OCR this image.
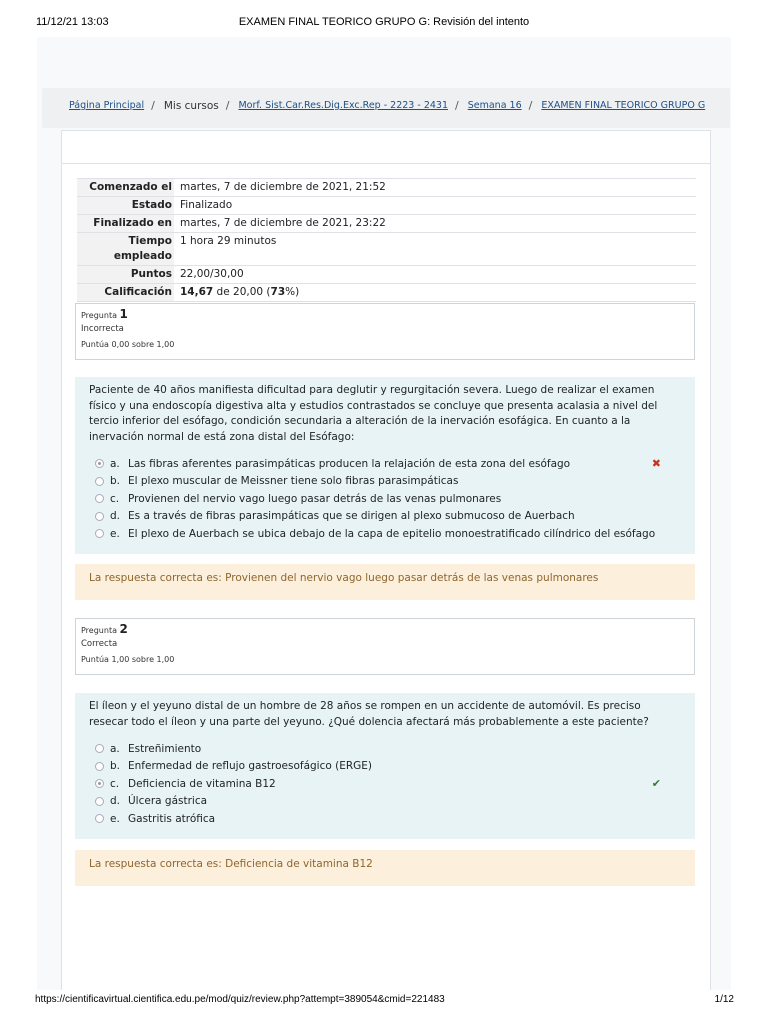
11/12/21 13:03	EXAMEN FINAL TEORICO GRUPO G: Revisión del intento
Página Principal / Mis cursos / Morf. Sist.Car.Res.Dig.Exc.Rep - 2223 - 2431 / Semana 16 / EXAMEN FINAL TEORICO GRUPO G
Comenzado el	martes, 7 de diciembre de 2021, 21:52
Estado	Finalizado
Finalizado en	martes, 7 de diciembre de 2021, 23:22
Tiempo
empleado	1 hora 29 minutos
Puntos	22,00/30,00
Calificación	14,67 de 20,00 (73%)
Pregunta 1
Incorrecta
Puntúa 0,00 sobre 1,00
Paciente de 40 años manifiesta dificultad para deglutir y regurgitación severa. Luego de realizar el examen físico y una endoscopía digestiva alta y estudios contrastados se concluye que presenta acalasia a nivel del tercio inferior del esófago, condición secundaria a alteración de la inervación esofágica. En cuanto a la inervación normal de está zona distal del Esófago:
a. Las fibras aferentes parasimpáticas producen la relajación de esta zona del esófago	✖
b. El plexo muscular de Meissner tiene solo fibras parasimpáticas
c. Provienen del nervio vago luego pasar detrás de las venas pulmonares
d. Es a través de fibras parasimpáticas que se dirigen al plexo submucoso de Auerbach
e. El plexo de Auerbach se ubica debajo de la capa de epitelio monoestratificado cilíndrico del esófago
La respuesta correcta es: Provienen del nervio vago luego pasar detrás de las venas pulmonares
Pregunta 2
Correcta
Puntúa 1,00 sobre 1,00
El íleon y el yeyuno distal de un hombre de 28 años se rompen en un accidente de automóvil. Es preciso resecar todo el íleon y una parte del yeyuno. ¿Qué dolencia afectará más probablemente a este paciente?
a. Estreñimiento
b. Enfermedad de reflujo gastroesofágico (ERGE)
c. Deficiencia de vitamina B12	✔
d. Úlcera gástrica
e. Gastritis atrófica
La respuesta correcta es: Deficiencia de vitamina B12
https://cientificavirtual.cientifica.edu.pe/mod/quiz/review.php?attempt=389054&cmid=221483	1/12
